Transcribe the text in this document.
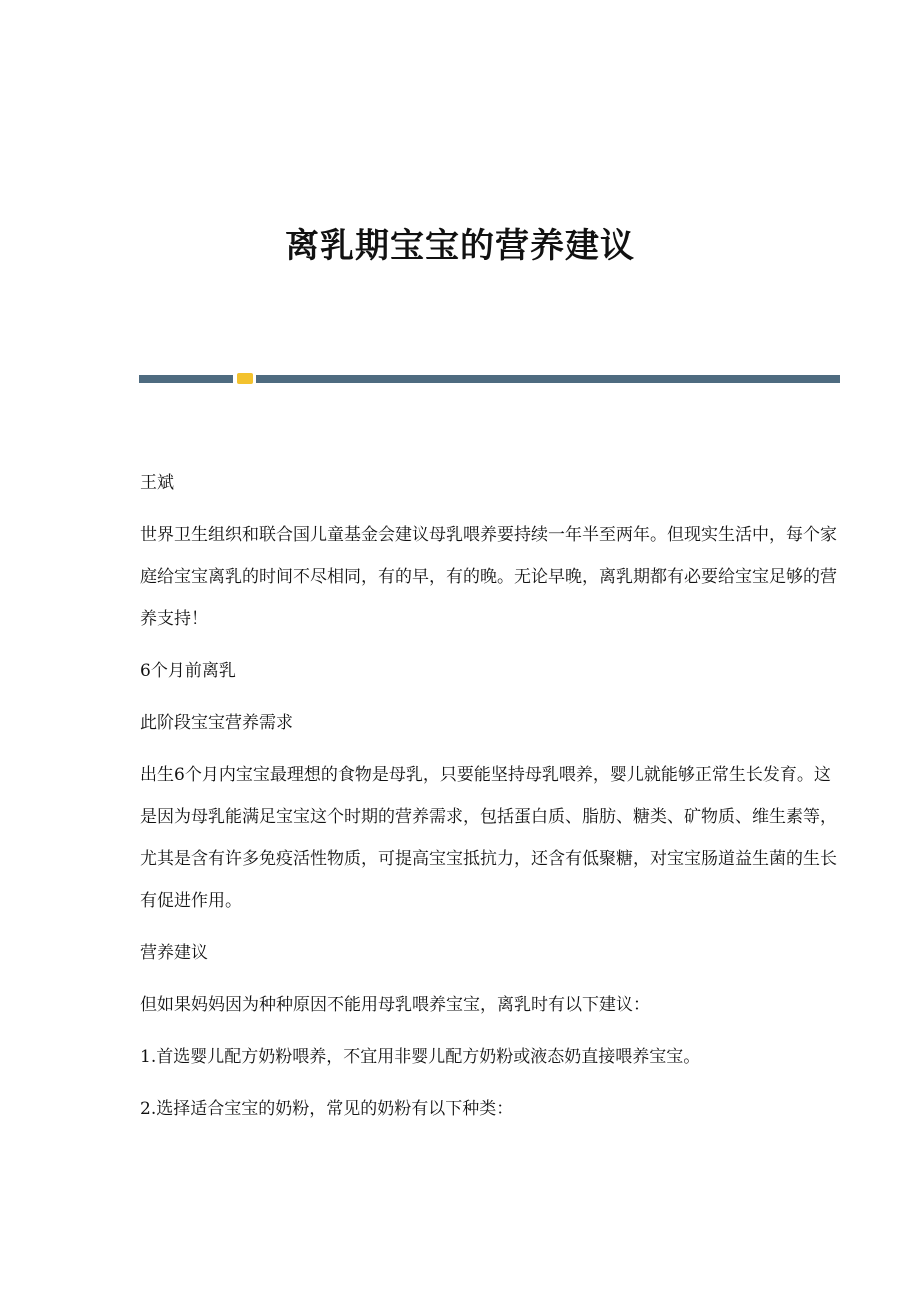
离乳期宝宝的营养建议

王斌

世界卫生组织和联合国儿童基金会建议母乳喂养要持续一年半至两年。但现实生活中，每个家庭给宝宝离乳的时间不尽相同，有的早，有的晚。无论早晚，离乳期都有必要给宝宝足够的营养支持！

6个月前离乳

此阶段宝宝营养需求

出生6个月内宝宝最理想的食物是母乳，只要能坚持母乳喂养，婴儿就能够正常生长发育。这是因为母乳能满足宝宝这个时期的营养需求，包括蛋白质、脂肪、糖类、矿物质、维生素等，尤其是含有许多免疫活性物质，可提高宝宝抵抗力，还含有低聚糖，对宝宝肠道益生菌的生长有促进作用。

营养建议

但如果妈妈因为种种原因不能用母乳喂养宝宝，离乳时有以下建议：

1.首选婴儿配方奶粉喂养，不宜用非婴儿配方奶粉或液态奶直接喂养宝宝。

2.选择适合宝宝的奶粉，常见的奶粉有以下种类：
